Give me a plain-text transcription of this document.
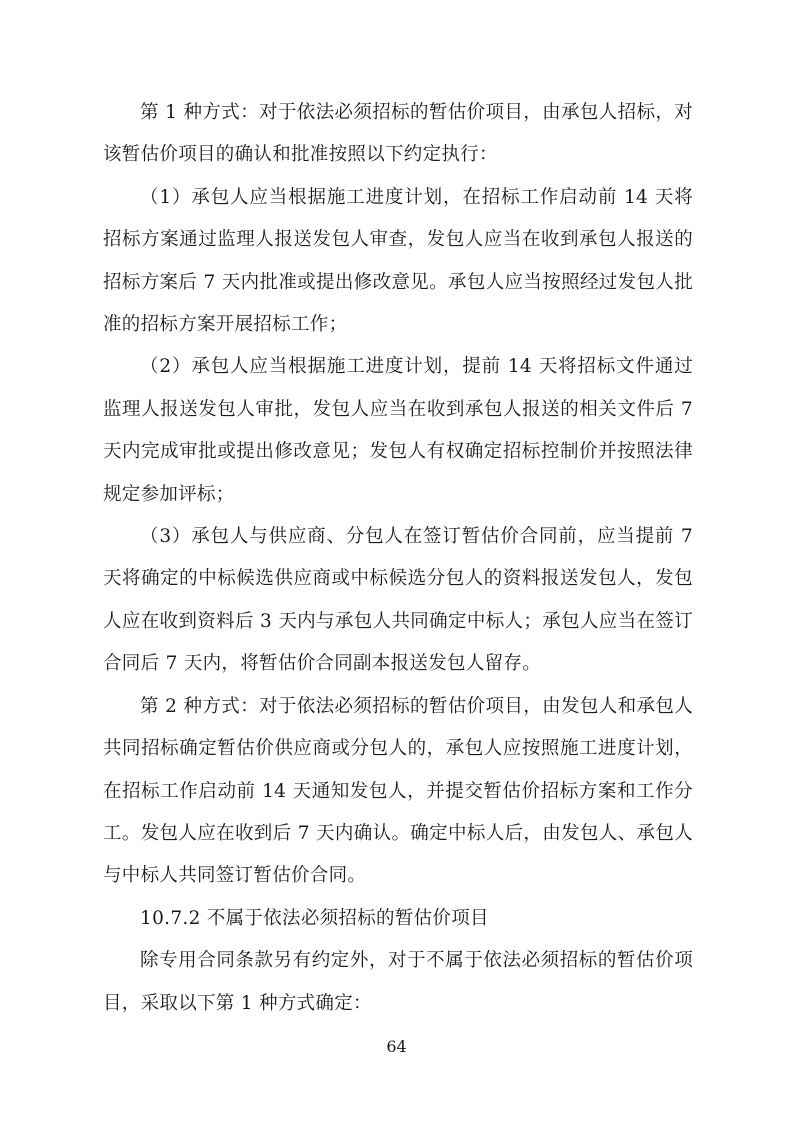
第 1 种方式：对于依法必须招标的暂估价项目，由承包人招标，对该暂估价项目的确认和批准按照以下约定执行：

（1）承包人应当根据施工进度计划，在招标工作启动前 14 天将招标方案通过监理人报送发包人审查，发包人应当在收到承包人报送的招标方案后 7 天内批准或提出修改意见。承包人应当按照经过发包人批准的招标方案开展招标工作；

（2）承包人应当根据施工进度计划，提前 14 天将招标文件通过监理人报送发包人审批，发包人应当在收到承包人报送的相关文件后 7 天内完成审批或提出修改意见；发包人有权确定招标控制价并按照法律规定参加评标；

（3）承包人与供应商、分包人在签订暂估价合同前，应当提前 7 天将确定的中标候选供应商或中标候选分包人的资料报送发包人，发包人应在收到资料后 3 天内与承包人共同确定中标人；承包人应当在签订合同后 7 天内，将暂估价合同副本报送发包人留存。

第 2 种方式：对于依法必须招标的暂估价项目，由发包人和承包人共同招标确定暂估价供应商或分包人的，承包人应按照施工进度计划，在招标工作启动前 14 天通知发包人，并提交暂估价招标方案和工作分工。发包人应在收到后 7 天内确认。确定中标人后，由发包人、承包人与中标人共同签订暂估价合同。

10.7.2 不属于依法必须招标的暂估价项目

除专用合同条款另有约定外，对于不属于依法必须招标的暂估价项目，采取以下第 1 种方式确定：

64
